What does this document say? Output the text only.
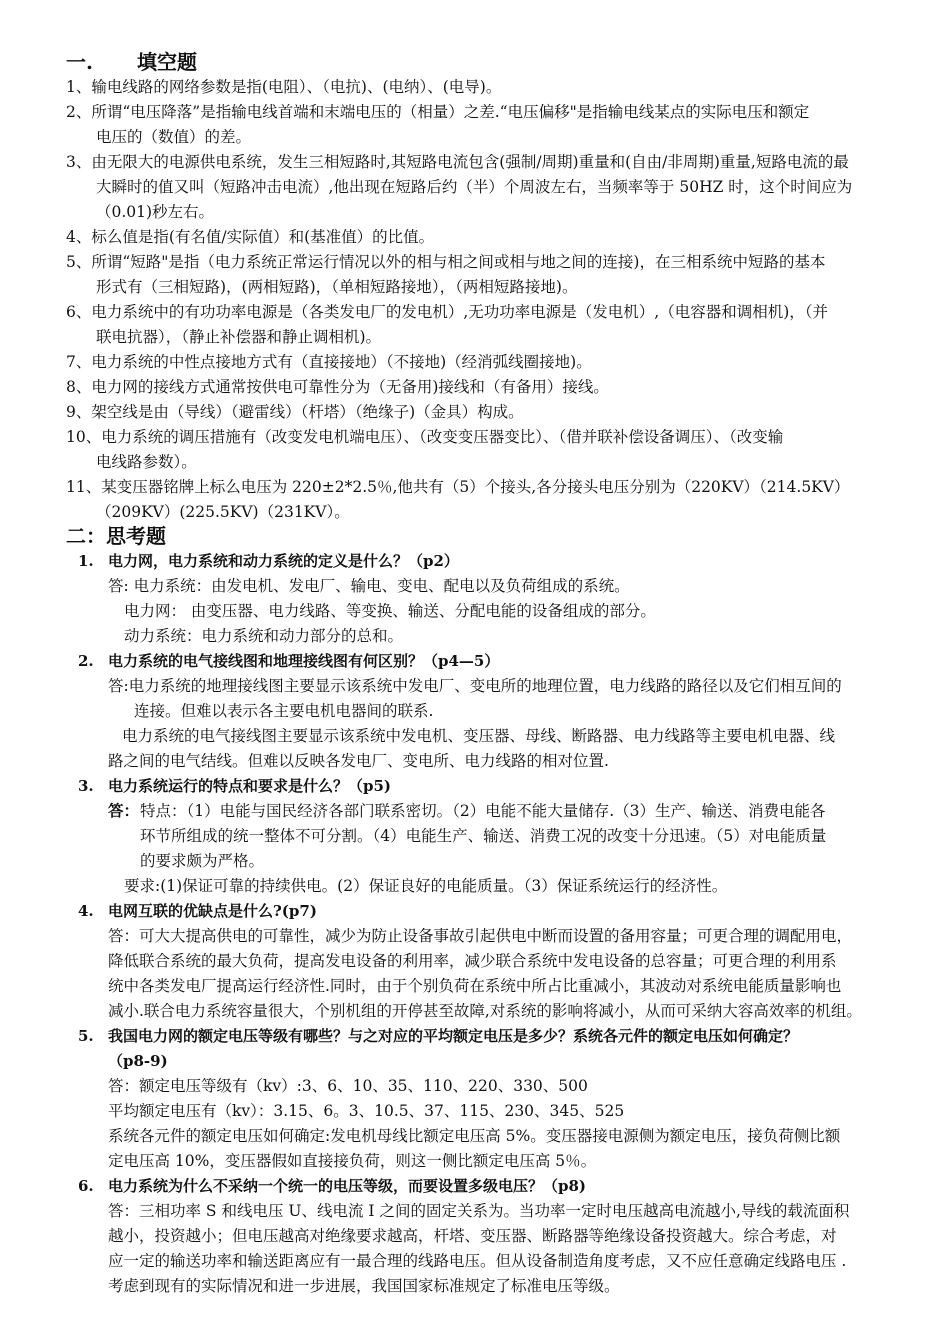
一. 填空题
1、输电线路的网络参数是指(电阻）、（电抗)、(电纳）、(电导)。
2、所谓“电压降落”是指输电线首端和末端电压的（相量）之差.“电压偏移"是指输电线某点的实际电压和额定
电压的（数值）的差。
3、由无限大的电源供电系统，发生三相短路时,其短路电流包含(强制/周期)重量和(自由/非周期)重量,短路电流的最
大瞬时的值又叫（短路冲击电流）,他出现在短路后约（半）个周波左右，当频率等于 50HZ 时，这个时间应为
（0.01)秒左右。
4、标么值是指(有名值/实际值）和(基准值）的比值。
5、所谓“短路"是指（电力系统正常运行情况以外的相与相之间或相与地之间的连接)，在三相系统中短路的基本
形式有（三相短路)，(两相短路)，（单相短路接地），（两相短路接地)。
6、电力系统中的有功功率电源是（各类发电厂的发电机）,无功功率电源是（发电机）,（电容器和调相机)，（并
联电抗器），（静止补偿器和静止调相机)。
7、电力系统的中性点接地方式有（直接接地）（不接地)（经消弧线圈接地)。
8、电力网的接线方式通常按供电可靠性分为（无备用)接线和（有备用）接线。
9、架空线是由（导线）（避雷线）（杆塔）（绝缘子)（金具）构成。
10、电力系统的调压措施有（改变发电机端电压）、（改变变压器变比）、（借并联补偿设备调压）、（改变输
电线路参数）。
11、某变压器铭牌上标么电压为 220±2*2.5％,他共有（5）个接头,各分接头电压分别为（220KV）（214.5KV）
（209KV）(225.5KV)（231KV）。
二：思考题
1. 电力网，电力系统和动力系统的定义是什么？（p2）
答: 电力系统：由发电机、发电厂、输电、变电、配电以及负荷组成的系统。
电力网： 由变压器、电力线路、等变换、输送、分配电能的设备组成的部分。
动力系统：电力系统和动力部分的总和。
2. 电力系统的电气接线图和地理接线图有何区别？（p4—5）
答:电力系统的地理接线图主要显示该系统中发电厂、变电所的地理位置，电力线路的路径以及它们相互间的
连接。但难以表示各主要电机电器间的联系.
电力系统的电气接线图主要显示该系统中发电机、变压器、母线、断路器、电力线路等主要电机电器、线
路之间的电气结线。但难以反映各发电厂、变电所、电力线路的相对位置.
3. 电力系统运行的特点和要求是什么？（p5)
答： 特点：（1）电能与国民经济各部门联系密切。（2）电能不能大量储存.（3）生产、输送、消费电能各
环节所组成的统一整体不可分割。（4）电能生产、输送、消费工况的改变十分迅速。（5）对电能质量
的要求颇为严格。
要求:(1)保证可靠的持续供电。(2）保证良好的电能质量。（3）保证系统运行的经济性。
4. 电网互联的优缺点是什么?(p7)
答：可大大提高供电的可靠性，减少为防止设备事故引起供电中断而设置的备用容量；可更合理的调配用电，
降低联合系统的最大负荷，提高发电设备的利用率，减少联合系统中发电设备的总容量；可更合理的利用系
统中各类发电厂提高运行经济性.同时，由于个别负荷在系统中所占比重减小，其波动对系统电能质量影响也
减小.联合电力系统容量很大，个别机组的开停甚至故障,对系统的影响将减小，从而可采纳大容高效率的机组。
5. 我国电力网的额定电压等级有哪些？与之对应的平均额定电压是多少？系统各元件的额定电压如何确定？
（p8-9)
答：额定电压等级有（kv）:3、6、10、35、110、220、330、500
平均额定电压有（kv）：3.15、6。3、10.5、37、115、230、345、525
系统各元件的额定电压如何确定:发电机母线比额定电压高 5%。变压器接电源侧为额定电压，接负荷侧比额
定电压高 10%，变压器假如直接接负荷，则这一侧比额定电压高 5％。
6. 电力系统为什么不采纳一个统一的电压等级，而要设置多级电压？（p8)
答：三相功率 S 和线电压 U、线电流 I 之间的固定关系为。当功率一定时电压越高电流越小,导线的载流面积
越小，投资越小；但电压越高对绝缘要求越高，杆塔、变压器、断路器等绝缘设备投资越大。综合考虑，对
应一定的输送功率和输送距离应有一最合理的线路电压。但从设备制造角度考虑，又不应任意确定线路电压 .
考虑到现有的实际情况和进一步进展，我国国家标准规定了标准电压等级。
